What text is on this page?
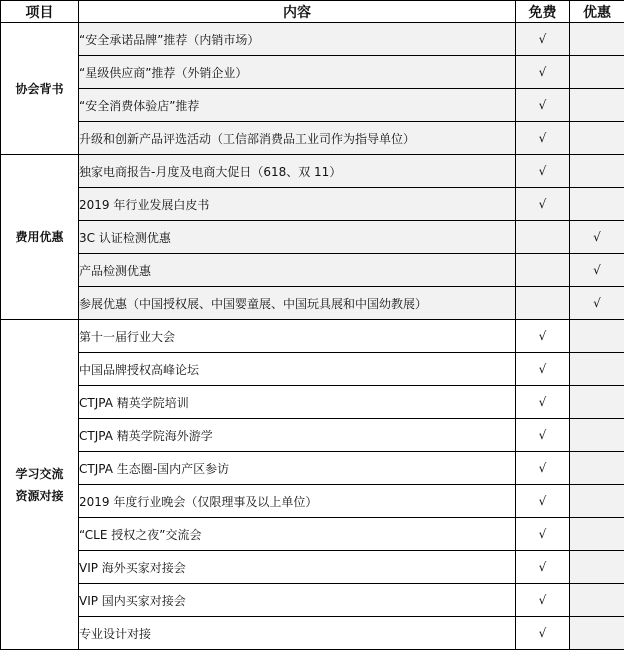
项目	内容	免费	优惠

协会背书	“安全承诺品牌”推荐（内销市场）	√	
	“星级供应商”推荐（外销企业）	√	
	“安全消费体验店”推荐	√	
	升级和创新产品评选活动（工信部消费品工业司作为指导单位）	√	

费用优惠	独家电商报告-月度及电商大促日（618、双 11）	√	
	2019 年行业发展白皮书	√	
	3C 认证检测优惠		√
	产品检测优惠		√
	参展优惠（中国授权展、中国婴童展、中国玩具展和中国幼教展）		√

学习交流
资源对接	第十一届行业大会	√	
	中国品牌授权高峰论坛	√	
	CTJPA 精英学院培训	√	
	CTJPA 精英学院海外游学	√	
	CTJPA 生态圈-国内产区参访	√	
	2019 年度行业晚会（仅限理事及以上单位）	√	
	“CLE 授权之夜”交流会	√	
	VIP 海外买家对接会	√	
	VIP 国内买家对接会	√	
	专业设计对接	√	
